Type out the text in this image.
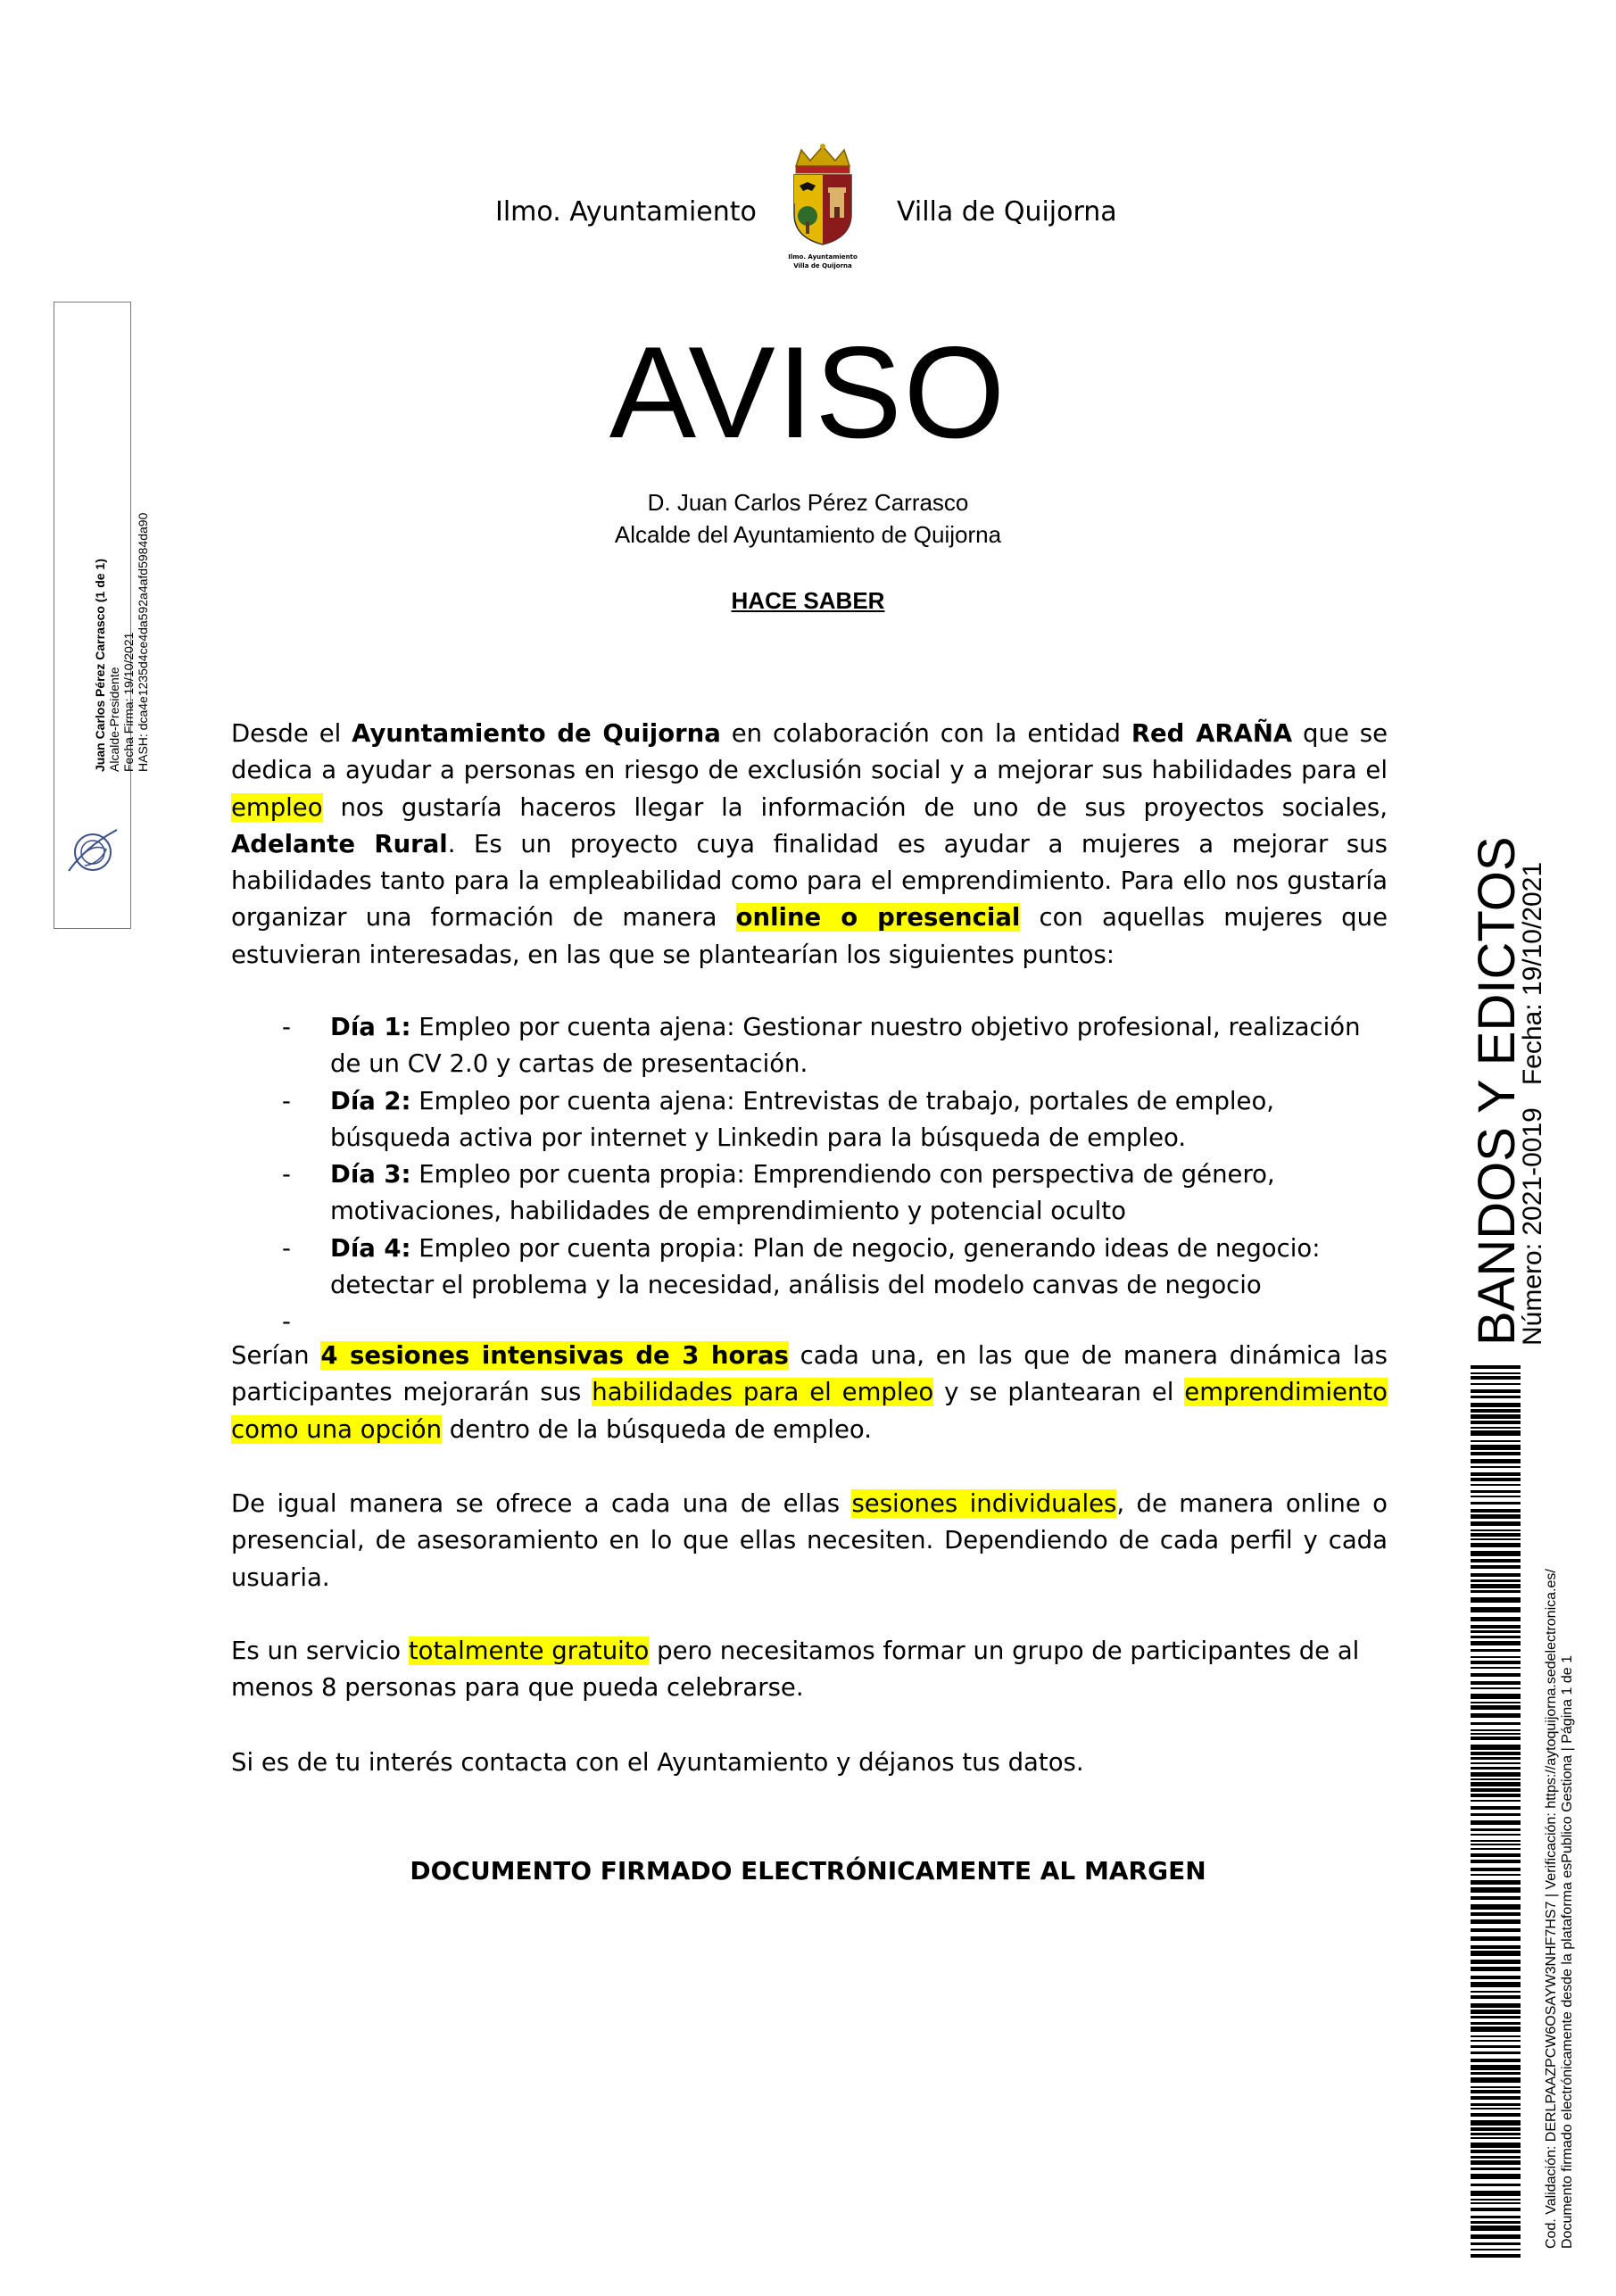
Ilmo. Ayuntamiento	Villa de Quijorna
Ilmo. Ayuntamiento
Villa de Quijorna
AVISO
D. Juan Carlos Pérez Carrasco
Alcalde del Ayuntamiento de Quijorna
HACE SABER

Desde el Ayuntamiento de Quijorna en colaboración con la entidad Red ARAÑA que se dedica a ayudar a personas en riesgo de exclusión social y a mejorar sus habilidades para el empleo nos gustaría haceros llegar la información de uno de sus proyectos sociales, Adelante Rural. Es un proyecto cuya finalidad es ayudar a mujeres a mejorar sus habilidades tanto para la empleabilidad como para el emprendimiento. Para ello nos gustaría organizar una formación de manera online o presencial con aquellas mujeres que estuvieran interesadas, en las que se plantearían los siguientes puntos:

- Día 1: Empleo por cuenta ajena: Gestionar nuestro objetivo profesional, realización de un CV 2.0 y cartas de presentación.
- Día 2: Empleo por cuenta ajena: Entrevistas de trabajo, portales de empleo, búsqueda activa por internet y Linkedin para la búsqueda de empleo.
- Día 3: Empleo por cuenta propia: Emprendiendo con perspectiva de género, motivaciones, habilidades de emprendimiento y potencial oculto
- Día 4: Empleo por cuenta propia: Plan de negocio, generando ideas de negocio: detectar el problema y la necesidad, análisis del modelo canvas de negocio
-

Serían 4 sesiones intensivas de 3 horas cada una, en las que de manera dinámica las participantes mejorarán sus habilidades para el empleo y se plantearan el emprendimiento como una opción dentro de la búsqueda de empleo.

De igual manera se ofrece a cada una de ellas sesiones individuales, de manera online o presencial, de asesoramiento en lo que ellas necesiten. Dependiendo de cada perfil y cada usuaria.

Es un servicio totalmente gratuito pero necesitamos formar un grupo de participantes de al menos 8 personas para que pueda celebrarse.

Si es de tu interés contacta con el Ayuntamiento y déjanos tus datos.

DOCUMENTO FIRMADO ELECTRÓNICAMENTE AL MARGEN
Juan Carlos Pérez Carrasco (1 de 1) Alcalde-Presidente Fecha Firma: 19/10/2021 HASH: dca4e1235d4ce4da592a4afd5984da90
BANDOS Y EDICTOS
Número: 2021-0019   Fecha: 19/10/2021
Cod. Validación: DERLPAAZPCW6OSAYW3NHF7HS7 | Verificación: https://ayto​quijorna.sedelectronica.es/ Documento firmado electrónicamente desde la plataforma esPublico Gestiona | Página 1 de 1
